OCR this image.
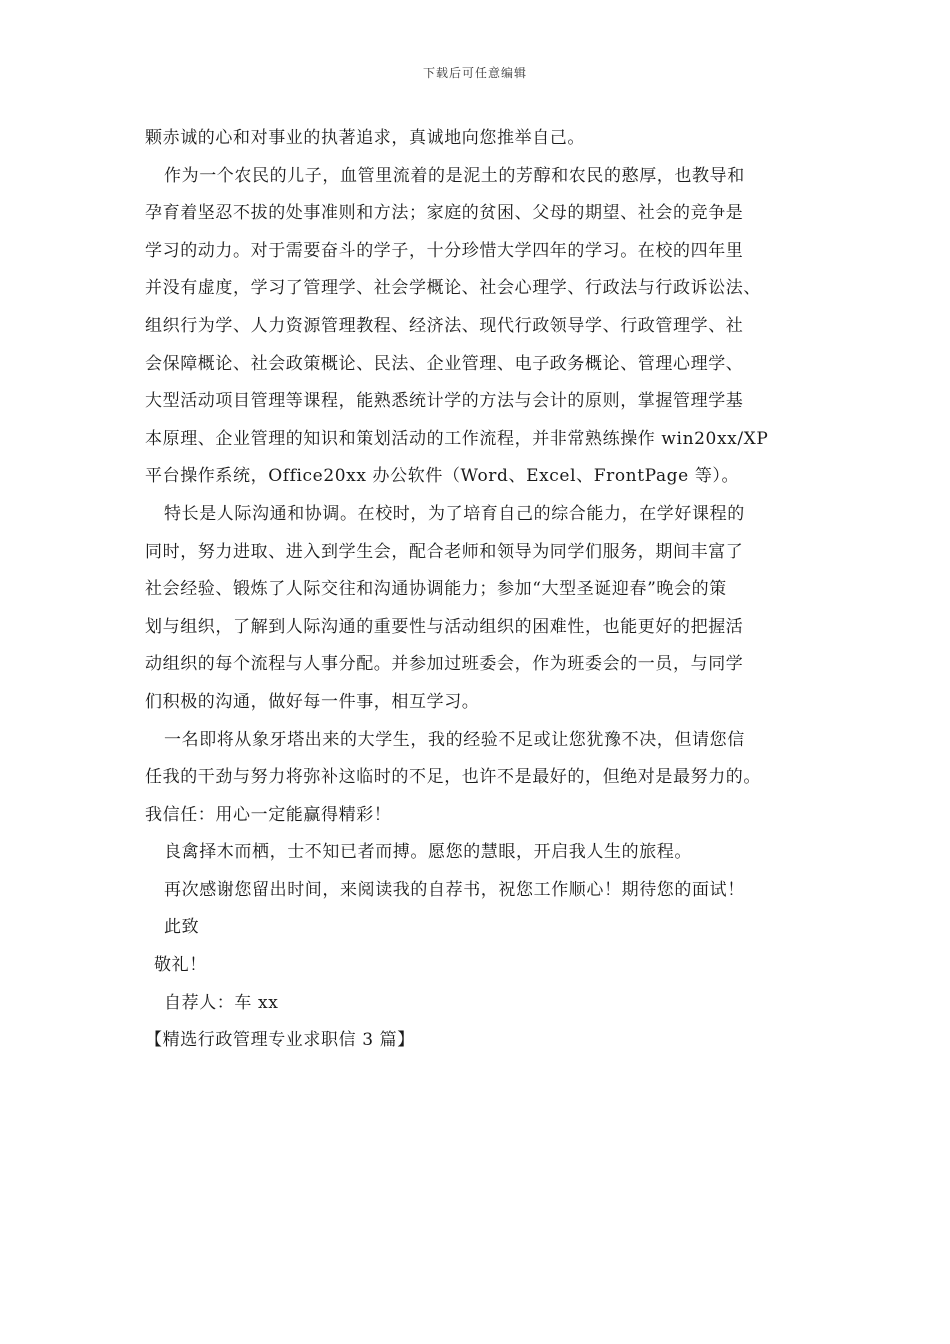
下载后可任意编辑
颗赤诚的心和对事业的执著追求，真诚地向您推举自己。
作为一个农民的儿子，血管里流着的是泥土的芳醇和农民的憨厚，也教导和
孕育着坚忍不拔的处事准则和方法；家庭的贫困、父母的期望、社会的竞争是
学习的动力。对于需要奋斗的学子，十分珍惜大学四年的学习。在校的四年里
并没有虚度，学习了管理学、社会学概论、社会心理学、行政法与行政诉讼法、
组织行为学、人力资源管理教程、经济法、现代行政领导学、行政管理学、社
会保障概论、社会政策概论、民法、企业管理、电子政务概论、管理心理学、
大型活动项目管理等课程，能熟悉统计学的方法与会计的原则，掌握管理学基
本原理、企业管理的知识和策划活动的工作流程，并非常熟练操作 win20xx/XP
平台操作系统，Office20xx 办公软件（Word、Excel、FrontPage 等）。
特长是人际沟通和协调。在校时，为了培育自己的综合能力，在学好课程的
同时，努力进取、进入到学生会，配合老师和领导为同学们服务，期间丰富了
社会经验、锻炼了人际交往和沟通协调能力；参加“大型圣诞迎春”晚会的策
划与组织，了解到人际沟通的重要性与活动组织的困难性，也能更好的把握活
动组织的每个流程与人事分配。并参加过班委会，作为班委会的一员，与同学
们积极的沟通，做好每一件事，相互学习。
一名即将从象牙塔出来的大学生，我的经验不足或让您犹豫不决，但请您信
任我的干劲与努力将弥补这临时的不足，也许不是最好的，但绝对是最努力的。
我信任：用心一定能赢得精彩！
良禽择木而栖，士不知已者而搏。愿您的慧眼，开启我人生的旅程。
再次感谢您留出时间，来阅读我的自荐书，祝您工作顺心！期待您的面试！
此致
敬礼！
自荐人：车 xx
【精选行政管理专业求职信 3 篇】
